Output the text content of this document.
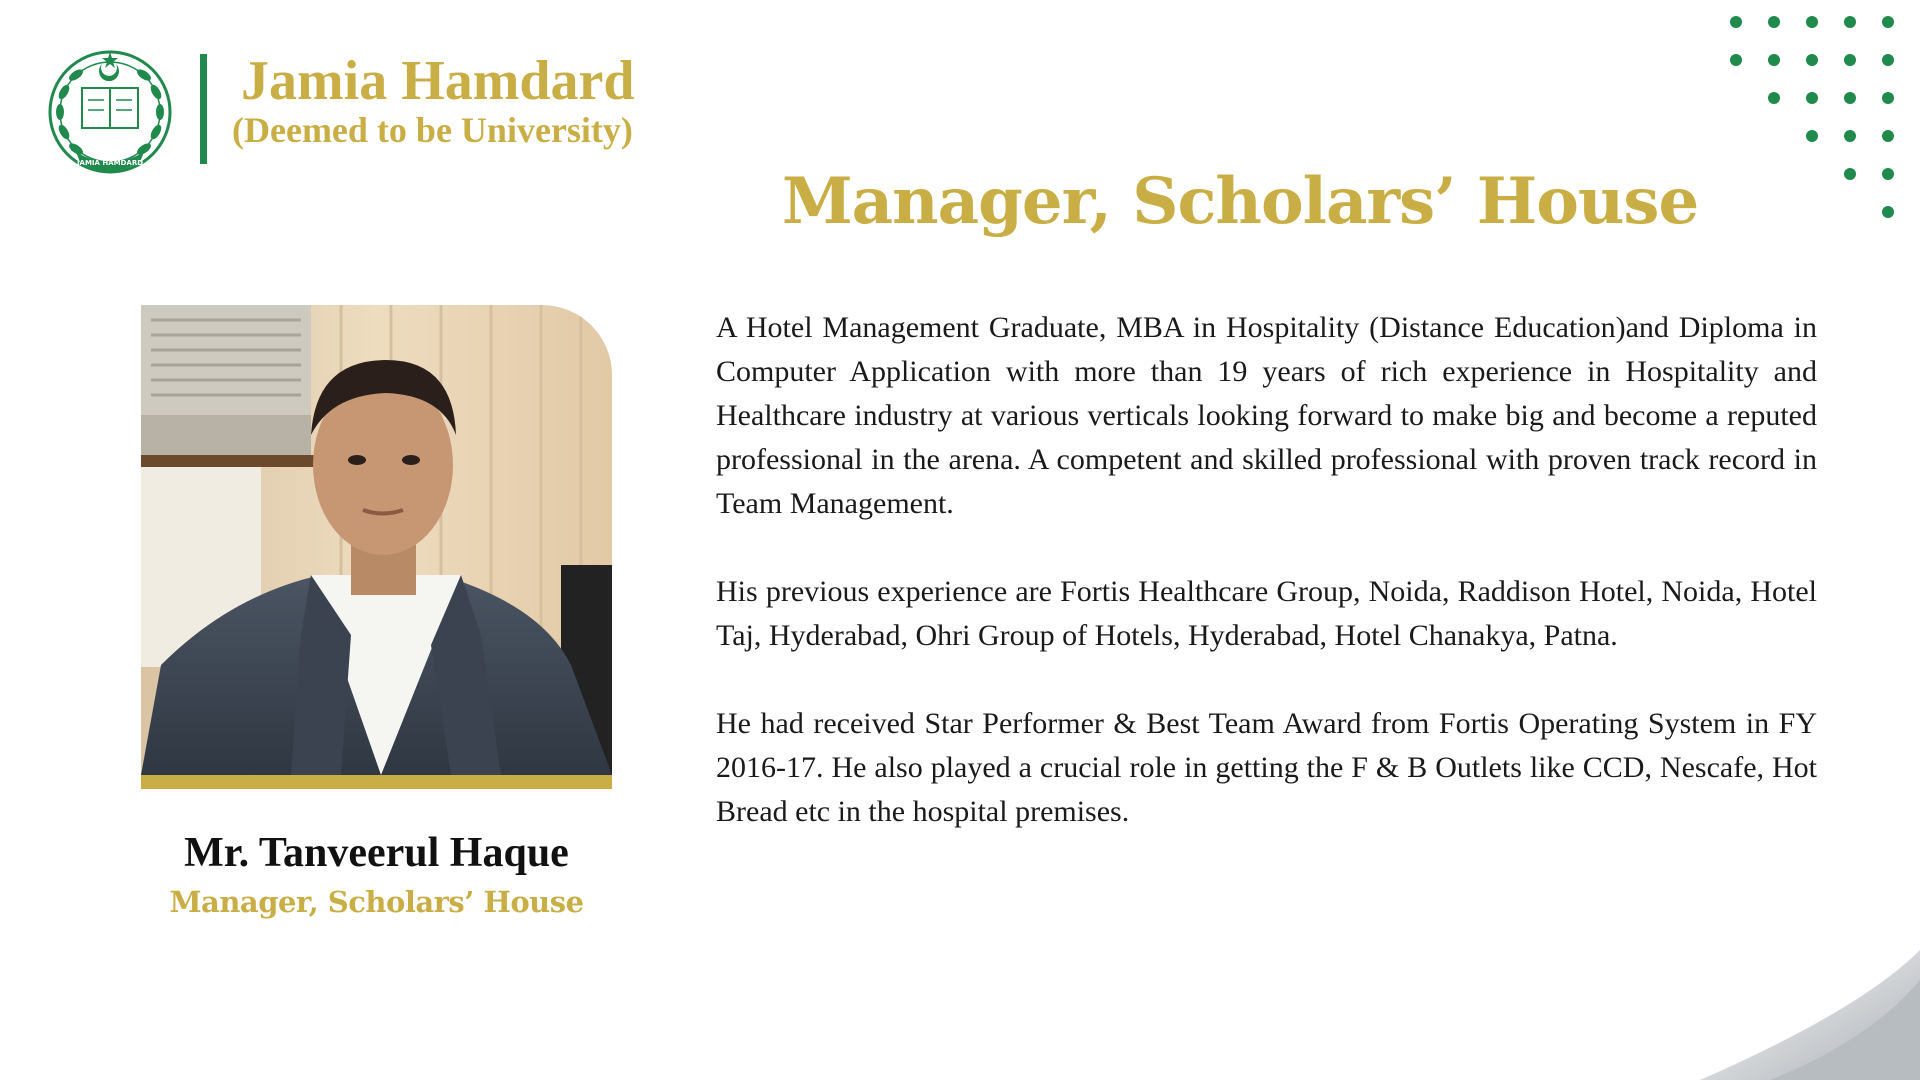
JAMIA HAMDARD
Jamia Hamdard
(Deemed to be University)
Manager, Scholars’ House
Mr. Tanveerul Haque
Manager, Scholars’ House

A Hotel Management Graduate, MBA in Hospitality (Distance Education)and Diploma in Computer Application with more than 19 years of rich experience in Hospitality and Healthcare industry at various verticals looking forward to make big and become a reputed professional in the arena. A competent and skilled professional with proven track record in Team Management.

His previous experience are Fortis Healthcare Group, Noida, Raddison Hotel, Noida, Hotel Taj, Hyderabad, Ohri Group of Hotels, Hyderabad, Hotel Chanakya, Patna.

He had received Star Performer & Best Team Award from Fortis Operating System in FY 2016-17. He also played a crucial role in getting the F & B Outlets like CCD, Nescafe, Hot Bread etc in the hospital premises.
